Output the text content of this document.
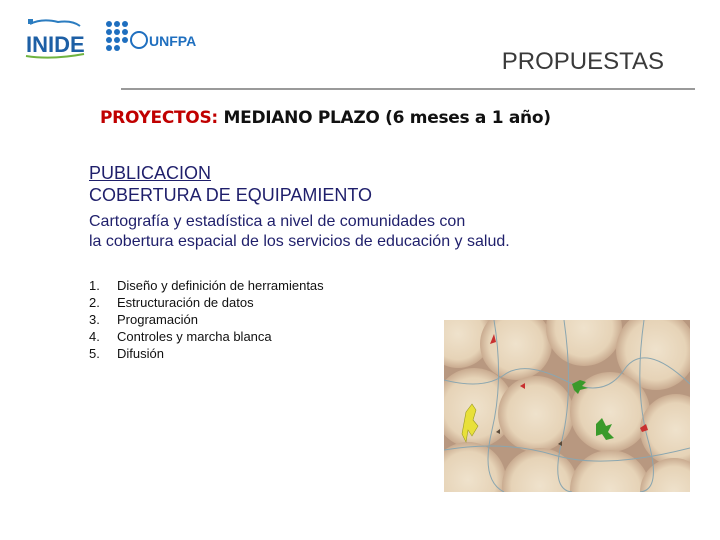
INIDE	UNFPA
PROPUESTAS
PROYECTOS: MEDIANO PLAZO (6 meses a 1 año)
PUBLICACION
COBERTURA DE EQUIPAMIENTO
Cartografía y estadística a nivel de comunidades con
la cobertura espacial de los servicios de educación y salud.
1.	Diseño y definición de herramientas
2.	Estructuración de datos
3.	Programación
4.	Controles y marcha blanca
5.	Difusión
